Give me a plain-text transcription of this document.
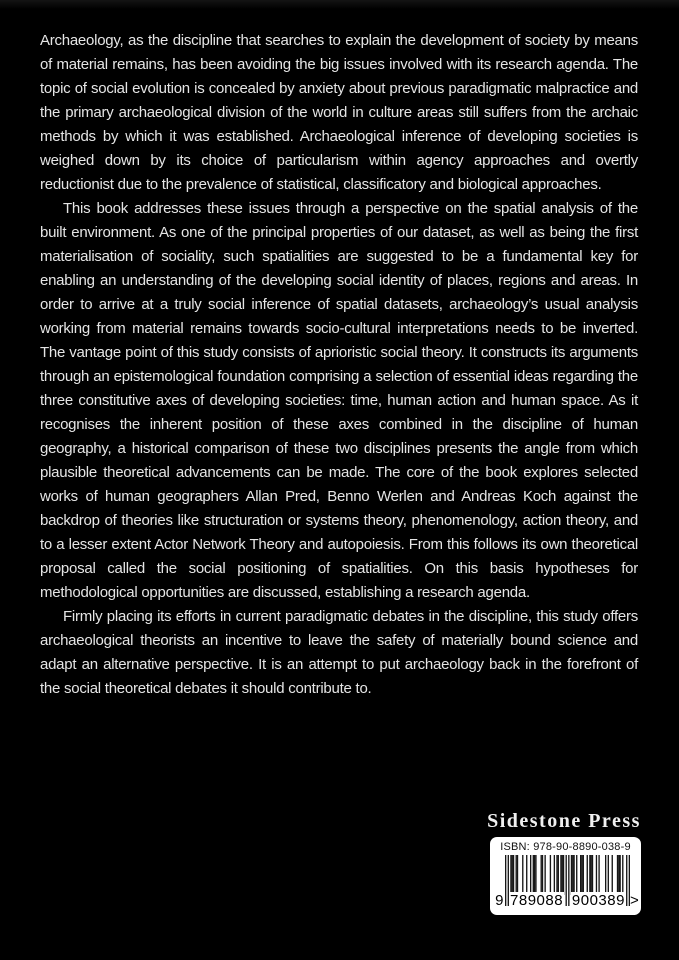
Archaeology, as the discipline that searches to explain the development of society by means of material remains, has been avoiding the big issues involved with its research agenda. The topic of social evolution is concealed by anxiety about previous paradigmatic malpractice and the primary archaeological division of the world in culture areas still suffers from the archaic methods by which it was established. Archaeological inference of developing societies is weighed down by its choice of particularism within agency approaches and overtly reductionist due to the prevalence of statistical, classificatory and biological approaches.

This book addresses these issues through a perspective on the spatial analysis of the built environment. As one of the principal properties of our dataset, as well as being the first materialisation of sociality, such spatialities are suggested to be a fundamental key for enabling an understanding of the developing social identity of places, regions and areas. In order to arrive at a truly social inference of spatial datasets, archaeology’s usual analysis working from material remains towards socio-cultural interpretations needs to be inverted. The vantage point of this study consists of aprioristic social theory. It constructs its arguments through an epistemological foundation comprising a selection of essential ideas regarding the three constitutive axes of developing societies: time, human action and human space. As it recognises the inherent position of these axes combined in the discipline of human geography, a historical comparison of these two disciplines presents the angle from which plausible theoretical advancements can be made. The core of the book explores selected works of human geographers Allan Pred, Benno Werlen and Andreas Koch against the backdrop of theories like structuration or systems theory, phenomenology, action theory, and to a lesser extent Actor Network Theory and autopoiesis. From this follows its own theoretical proposal called the social positioning of spatialities. On this basis hypotheses for methodological opportunities are discussed, establishing a research agenda.

Firmly placing its efforts in current paradigmatic debates in the discipline, this study offers archaeological theorists an incentive to leave the safety of materially bound science and adapt an alternative perspective. It is an attempt to put archaeology back in the forefront of the social theoretical debates it should contribute to.

Sidestone Press
ISBN: 978-90-8890-038-9
9 789088 900389 >
